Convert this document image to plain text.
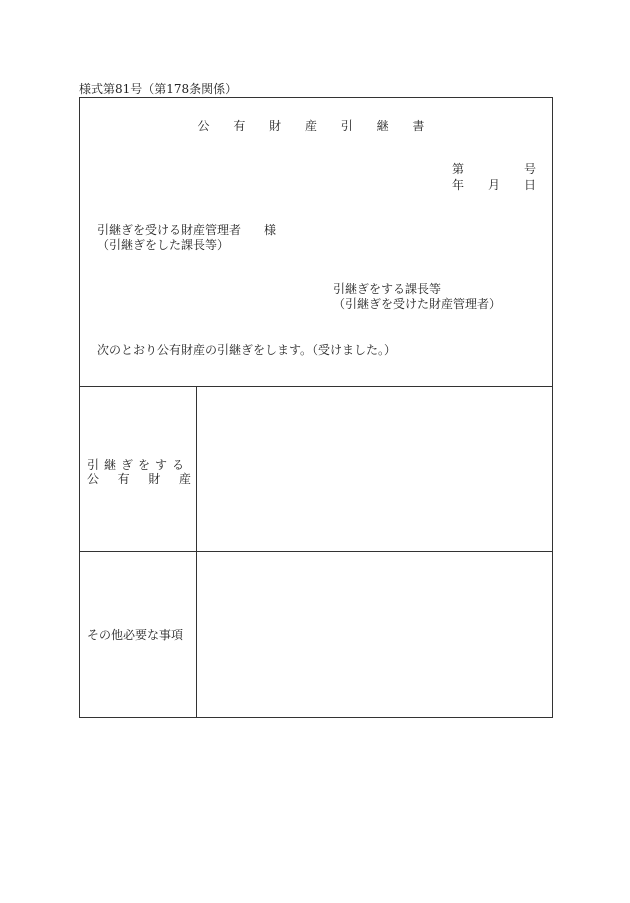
様式第81号（第178条関係）
公 有 財 産 引 継 書
第	号
年 月 日
引継ぎを受ける財産管理者 様
（引継ぎをした課長等）
引継ぎをする課長等
（引継ぎを受けた財産管理者）
次のとおり公有財産の引継ぎをします。（受けました。）
引継ぎをする
公 有 財 産
その他必要な事項
